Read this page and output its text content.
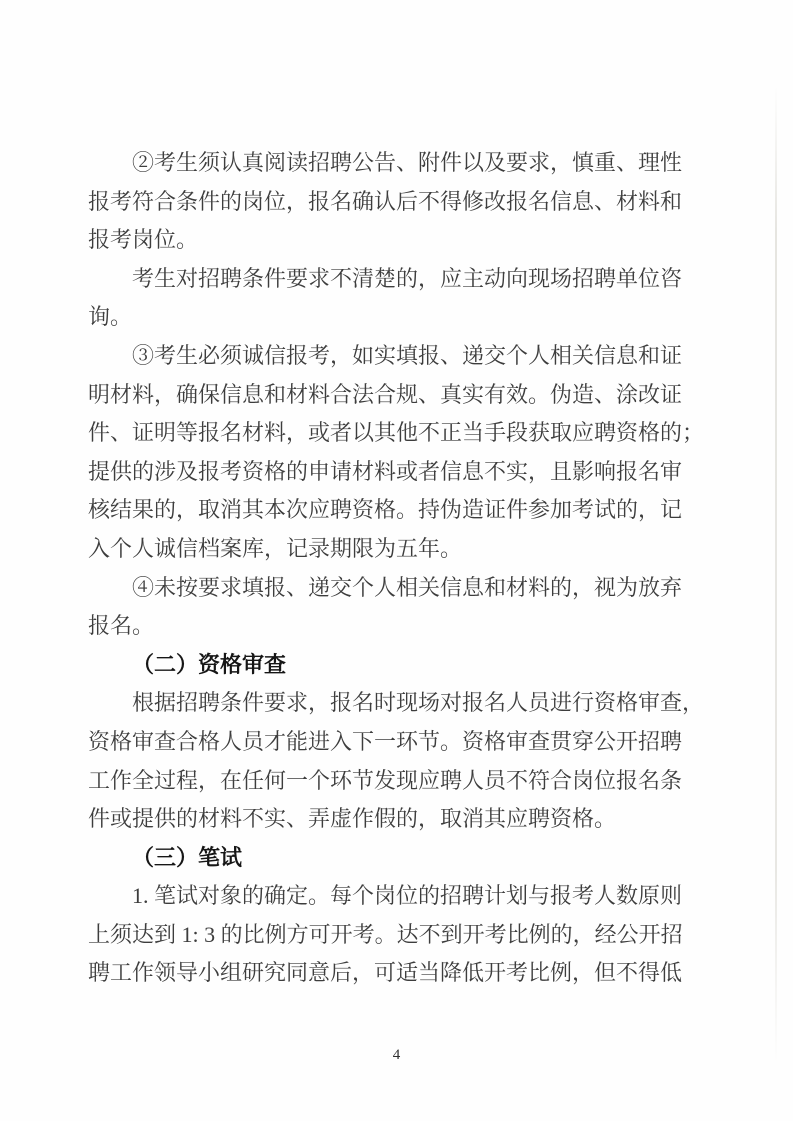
②考生须认真阅读招聘公告、附件以及要求，慎重、理性
报考符合条件的岗位，报名确认后不得修改报名信息、材料和
报考岗位。
考生对招聘条件要求不清楚的，应主动向现场招聘单位咨
询。
③考生必须诚信报考，如实填报、递交个人相关信息和证
明材料，确保信息和材料合法合规、真实有效。伪造、涂改证
件、证明等报名材料，或者以其他不正当手段获取应聘资格的；
提供的涉及报考资格的申请材料或者信息不实，且影响报名审
核结果的，取消其本次应聘资格。持伪造证件参加考试的，记
入个人诚信档案库，记录期限为五年。
④未按要求填报、递交个人相关信息和材料的，视为放弃
报名。
（二）资格审查
根据招聘条件要求，报名时现场对报名人员进行资格审查，
资格审查合格人员才能进入下一环节。资格审查贯穿公开招聘
工作全过程，在任何一个环节发现应聘人员不符合岗位报名条
件或提供的材料不实、弄虚作假的，取消其应聘资格。
（三）笔试
1. 笔试对象的确定。每个岗位的招聘计划与报考人数原则
上须达到 1: 3 的比例方可开考。达不到开考比例的，经公开招
聘工作领导小组研究同意后，可适当降低开考比例，但不得低
4
